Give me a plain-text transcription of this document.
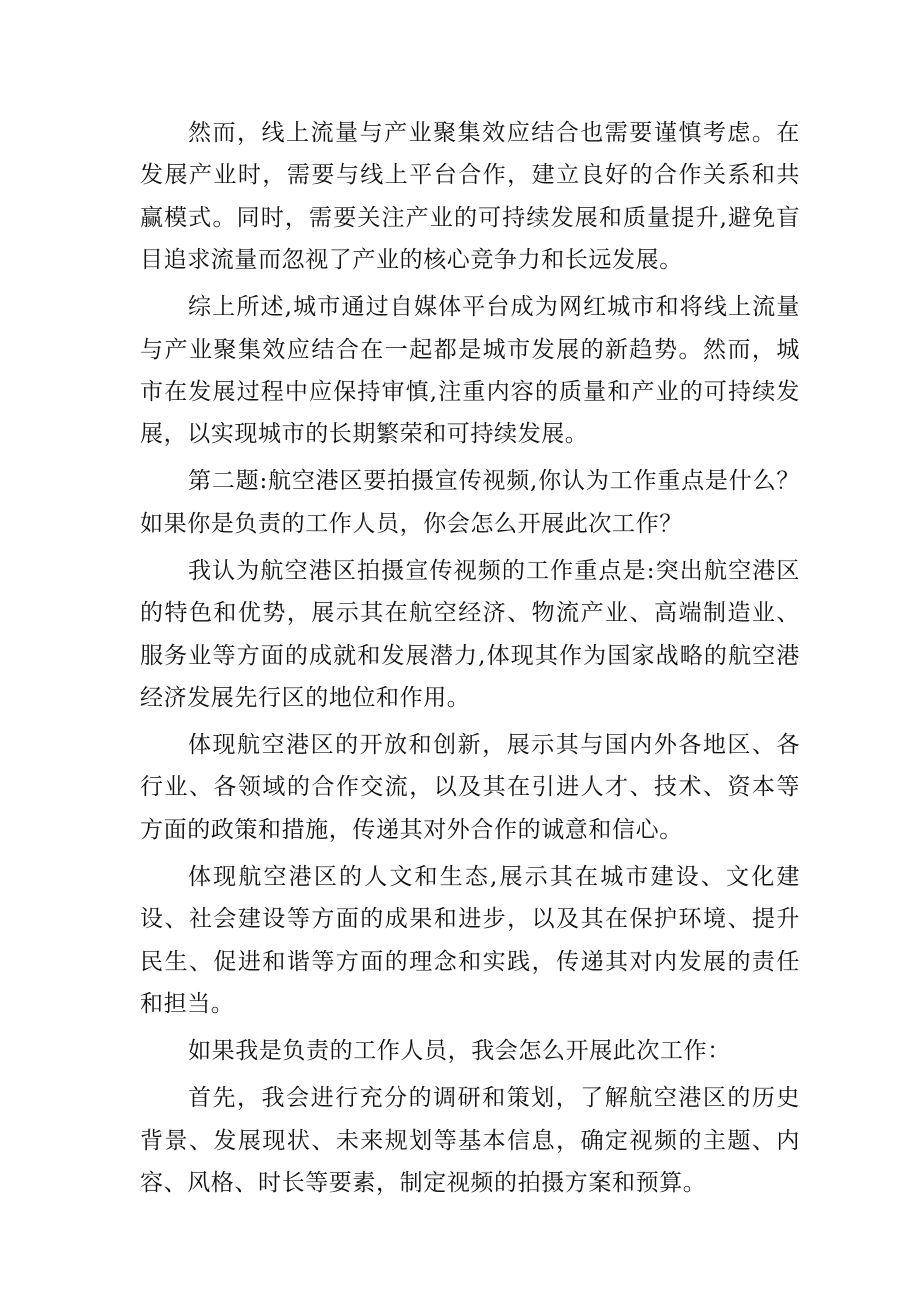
然而，线上流量与产业聚集效应结合也需要谨慎考虑。在发展产业时，需要与线上平台合作，建立良好的合作关系和共赢模式。同时，需要关注产业的可持续发展和质量提升,避免盲目追求流量而忽视了产业的核心竞争力和长远发展。

综上所述,城市通过自媒体平台成为网红城市和将线上流量与产业聚集效应结合在一起都是城市发展的新趋势。然而，城市在发展过程中应保持审慎,注重内容的质量和产业的可持续发展，以实现城市的长期繁荣和可持续发展。

第二题:航空港区要拍摄宣传视频,你认为工作重点是什么？如果你是负责的工作人员，你会怎么开展此次工作？

我认为航空港区拍摄宣传视频的工作重点是:突出航空港区的特色和优势，展示其在航空经济、物流产业、高端制造业、服务业等方面的成就和发展潜力,体现其作为国家战略的航空港经济发展先行区的地位和作用。

体现航空港区的开放和创新，展示其与国内外各地区、各行业、各领域的合作交流，以及其在引进人才、技术、资本等方面的政策和措施，传递其对外合作的诚意和信心。

体现航空港区的人文和生态,展示其在城市建设、文化建设、社会建设等方面的成果和进步，以及其在保护环境、提升民生、促进和谐等方面的理念和实践，传递其对内发展的责任和担当。

如果我是负责的工作人员，我会怎么开展此次工作：

首先，我会进行充分的调研和策划，了解航空港区的历史背景、发展现状、未来规划等基本信息，确定视频的主题、内容、风格、时长等要素，制定视频的拍摄方案和预算。
